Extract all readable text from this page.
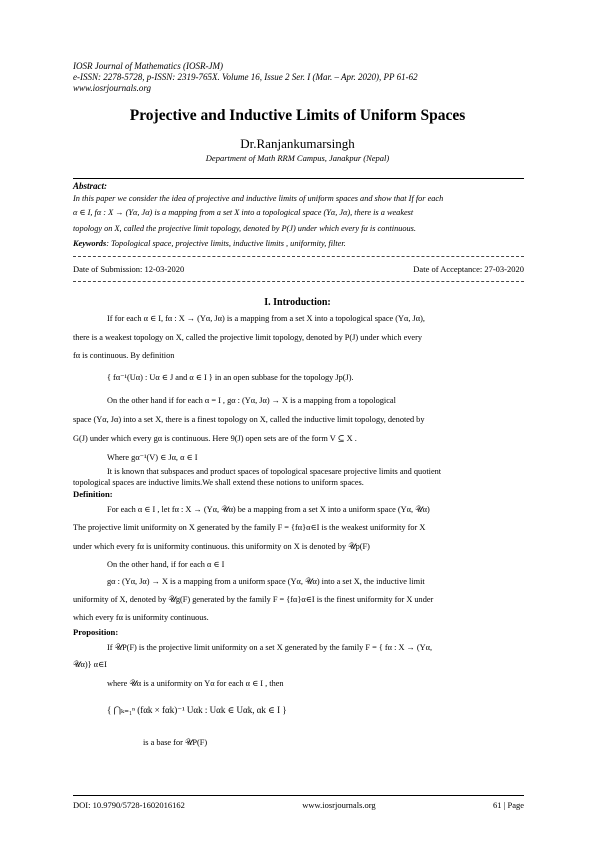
IOSR Journal of Mathematics (IOSR-JM)
e-ISSN: 2278-5728, p-ISSN: 2319-765X. Volume 16, Issue 2 Ser. I (Mar. – Apr. 2020), PP 61-62
www.iosrjournals.org
Projective and Inductive Limits of Uniform Spaces
Dr.Ranjankumarsingh
Department of Math RRM Campus, Janakpur (Nepal)
Abstract:
In this paper we consider the idea of projective and inductive limits of uniform spaces and show that If for each
α ∈ I, fα : X → (Yα, Jα) is a mapping from a set X into a topological space (Yα, Jα), there is a weakest
topology on X, called the projective limit topology, denoted by P(J) under which every fα is continuous.
Keywords: Topological space, projective limits, inductive limits , uniformity, filter.
Date of Submission: 12-03-2020	Date of Acceptance: 27-03-2020
I. Introduction:
If for each α ∈ I, fα : X → (Yα, Jα) is a mapping from a set X into a topological space (Yα, Jα),
there is a weakest topology on X, called the projective limit topology, denoted by P(J) under which every
fα is continuous. By definition
{ fα⁻¹(Uα) : Uα ∈ J and α ∈ I } in an open subbase for the topology Jp(J).
On the other hand if for each α = I , gα : (Yα, Jα) → X is a mapping from a topological
space (Yα, Jα) into a set X, there is a finest topology on X, called the inductive limit topology, denoted by
G(J) under which every gα is continuous. Here 9(J) open sets are of the form V ⊆ X .
Where gα⁻¹(V) ∈ Jα, α ∈ I
It is known that subspaces and product spaces of topological spacesare projective limits and quotient
topological spaces are inductive limits.We shall extend these notions to uniform spaces.
Definition:
For each α ∈ I , let fα : X → (Yα, 𝒰α) be a mapping from a set X into a uniform space (Yα, 𝒰α)
The projective limit uniformity on X generated by the family F = {fα}α∈I is the weakest uniformity for X
under which every fα is uniformity continuous. this uniformity on X is denoted by 𝒰p(F)
On the other hand, if for each α ∈ I
gα : (Yα, Jα) → X is a mapping from a uniform space (Yα, 𝒰α) into a set X, the inductive limit
uniformity of X, denoted by 𝒰g(F) generated by the family F = {fα}α∈I is the finest uniformity for X under
which every fα is uniformity continuous.
Proposition:
If 𝒰P(F) is the projective limit uniformity on a set X generated by the family F = { fα : X → (Yα,
𝒰α)} α∈I
where 𝒰α is a uniformity on Yα for each α ∈ I , then
{ ⋂ₖ₌₁ⁿ (fαk × fαk)⁻¹ Uαk : Uαk ∈ Uαk, αk ∈ I }
is a base for 𝒰P(F)
DOI: 10.9790/5728-1602016162	www.iosrjournals.org	61 | Page
